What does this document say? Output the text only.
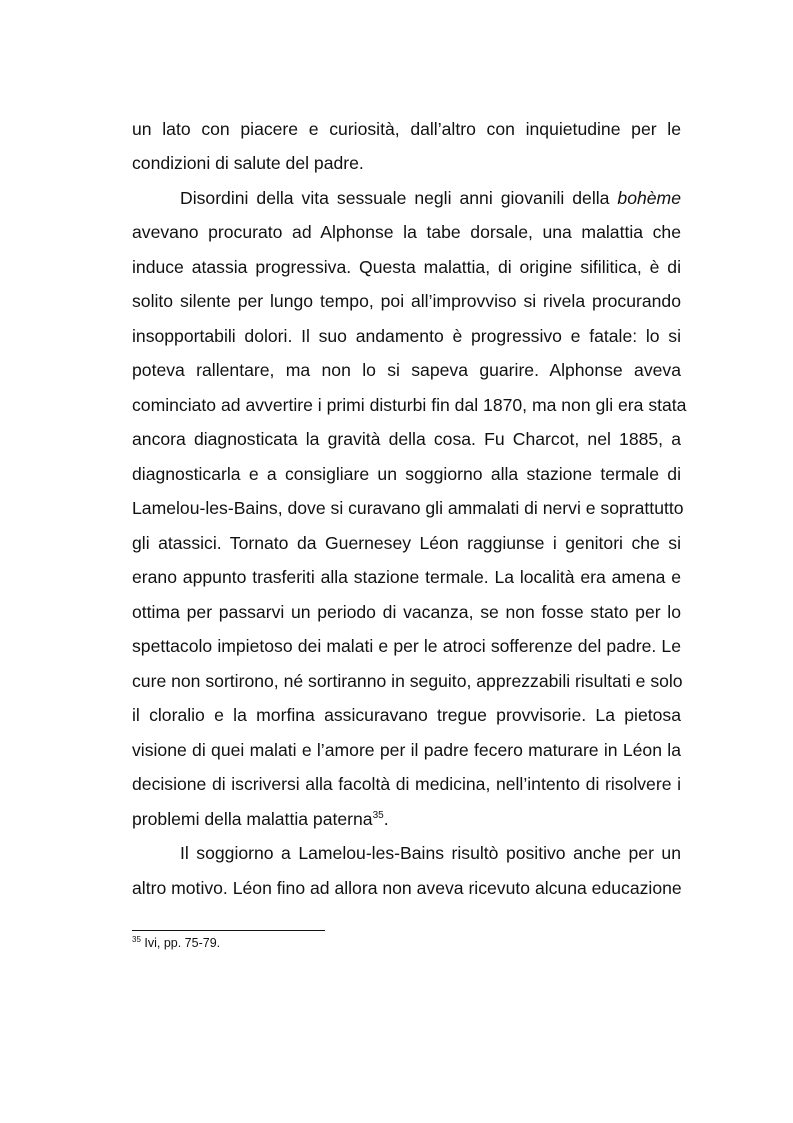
un lato con piacere e curiosità, dall’altro con inquietudine per le
condizioni di salute del padre.
Disordini della vita sessuale negli anni giovanili della bohème
avevano procurato ad Alphonse la tabe dorsale, una malattia che
induce atassia progressiva. Questa malattia, di origine sifilitica, è di
solito silente per lungo tempo, poi all’improvviso si rivela procurando
insopportabili dolori. Il suo andamento è progressivo e fatale: lo si
poteva rallentare, ma non lo si sapeva guarire. Alphonse aveva
cominciato ad avvertire i primi disturbi fin dal 1870, ma non gli era stata
ancora diagnosticata la gravità della cosa. Fu Charcot, nel 1885, a
diagnosticarla e a consigliare un soggiorno alla stazione termale di
Lamelou-les-Bains, dove si curavano gli ammalati di nervi e soprattutto
gli atassici. Tornato da Guernesey Léon raggiunse i genitori che si
erano appunto trasferiti alla stazione termale. La località era amena e
ottima per passarvi un periodo di vacanza, se non fosse stato per lo
spettacolo impietoso dei malati e per le atroci sofferenze del padre. Le
cure non sortirono, né sortiranno in seguito, apprezzabili risultati e solo
il cloralio e la morfina assicuravano tregue provvisorie. La pietosa
visione di quei malati e l’amore per il padre fecero maturare in Léon la
decisione di iscriversi alla facoltà di medicina, nell’intento di risolvere i
problemi della malattia paterna$^{35}$.
Il soggiorno a Lamelou-les-Bains risultò positivo anche per un
altro motivo. Léon fino ad allora non aveva ricevuto alcuna educazione
$^{35}$ Ivi, pp. 75-79.
